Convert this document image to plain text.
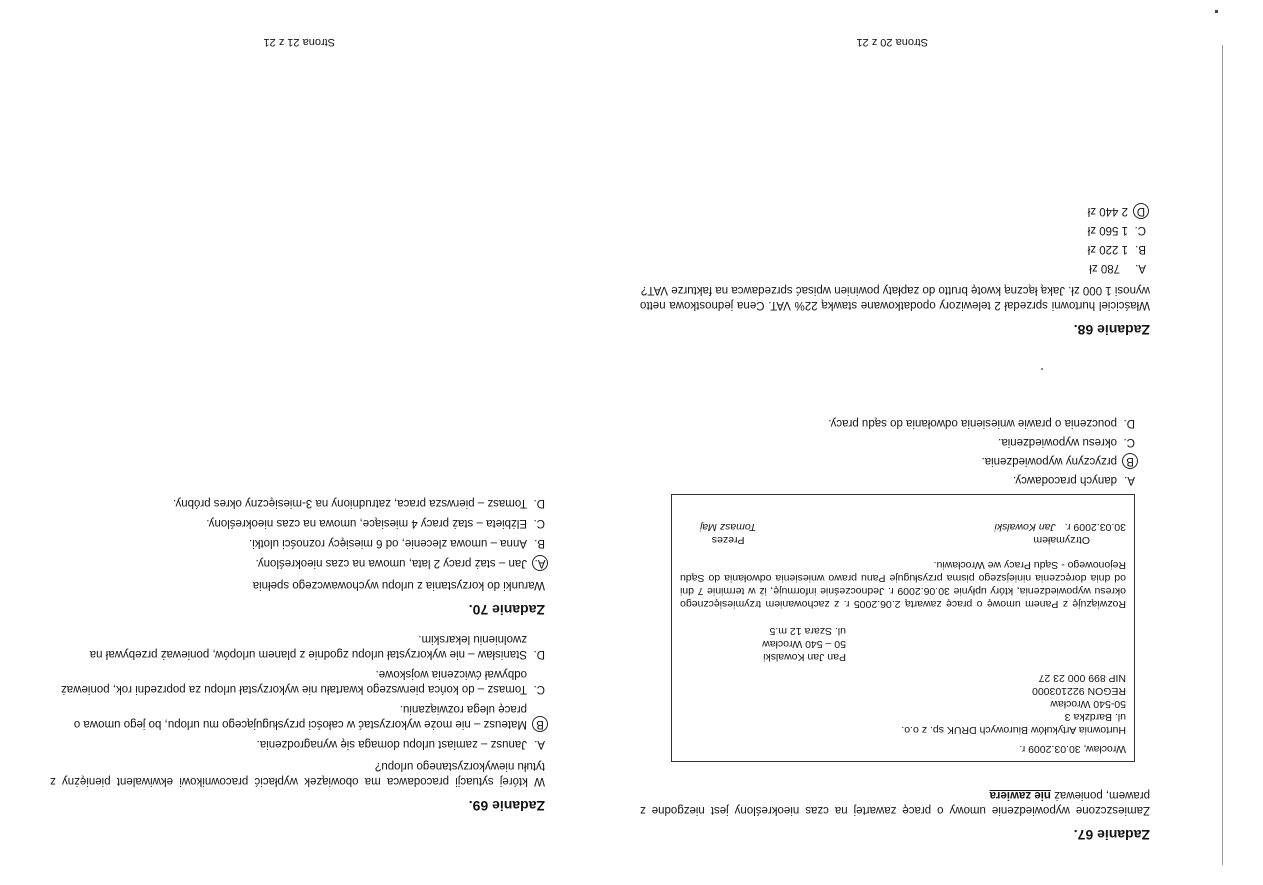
Zadanie 67.
Zamieszczone wypowiedzenie umowy o pracę zawartej na czas nieokreślony jest niezgodne z prawem, ponieważ nie zawiera
Wrocław, 30.03.2009 r.
Hurtownia Artykułów Biurowych DRUK sp. z o.o.
ul. Bardzka 3
50-540 Wrocław
REGON 922103000
NIP 899 000 23 27
Pan Jan Kowalski
50 – 540 Wrocław
ul. Szara 12 m.5
Rozwiązuję z Panem umowę o pracę zawartą 2.06.2005 r. z zachowaniem trzymiesięcznego okresu wypowiedzenia, który upłynie 30.06.2009 r. Jednocześnie informuję, iż w terminie 7 dni od dnia doręczenia niniejszego pisma przysługuje Panu prawo wniesienia odwołania do Sądu Rejonowego - Sądu Pracy we Wrocławiu.
Otrzymałem
30.03.2009 r. Jan Kowalski
Prezes
Tomasz Maj
A.
danych pracodawcy.
B
przyczyny wypowiedzenia.
C.
okresu wypowiedzenia.
D.
pouczenia o prawie wniesienia odwołania do sądu pracy.
Zadanie 68.
Właściciel hurtowni sprzedał 2 telewizory opodatkowane stawką 22% VAT. Cena jednostkowa netto wynosi 1 000 zł. Jaką łączną kwotę brutto do zapłaty powinien wpisać sprzedawca na fakturze VAT?
A.
780 zł
B.
1 220 zł
C.
1 560 zł
D
2 440 zł
Strona 20 z 21
Zadanie 69.
W której sytuacji pracodawca ma obowiązek wypłacić pracownikowi ekwiwalent pieniężny z tytułu niewykorzystanego urlopu?
A.
Janusz – zamiast urlopu domaga się wynagrodzenia.
B
Mateusz – nie może wykorzystać w całości przysługującego mu urlopu, bo jego umowa o pracę ulega rozwiązaniu.
C.
Tomasz – do końca pierwszego kwartału nie wykorzystał urlopu za poprzedni rok, ponieważ odbywał ćwiczenia wojskowe.
D.
Stanisław – nie wykorzystał urlopu zgodnie z planem urlopów, ponieważ przebywał na zwolnieniu lekarskim.
Zadanie 70.
Warunki do korzystania z urlopu wychowawczego spełnia
A.
Jan – staż pracy 2 lata, umowa na czas nieokreślony.
B.
Anna – umowa zlecenie, od 6 miesięcy rozności ulotki.
C.
Elżbieta – staż pracy 4 miesiące, umowa na czas nieokreślony.
D.
Tomasz – pierwsza praca, zatrudniony na 3-miesięczny okres próbny.
Strona 21 z 21
